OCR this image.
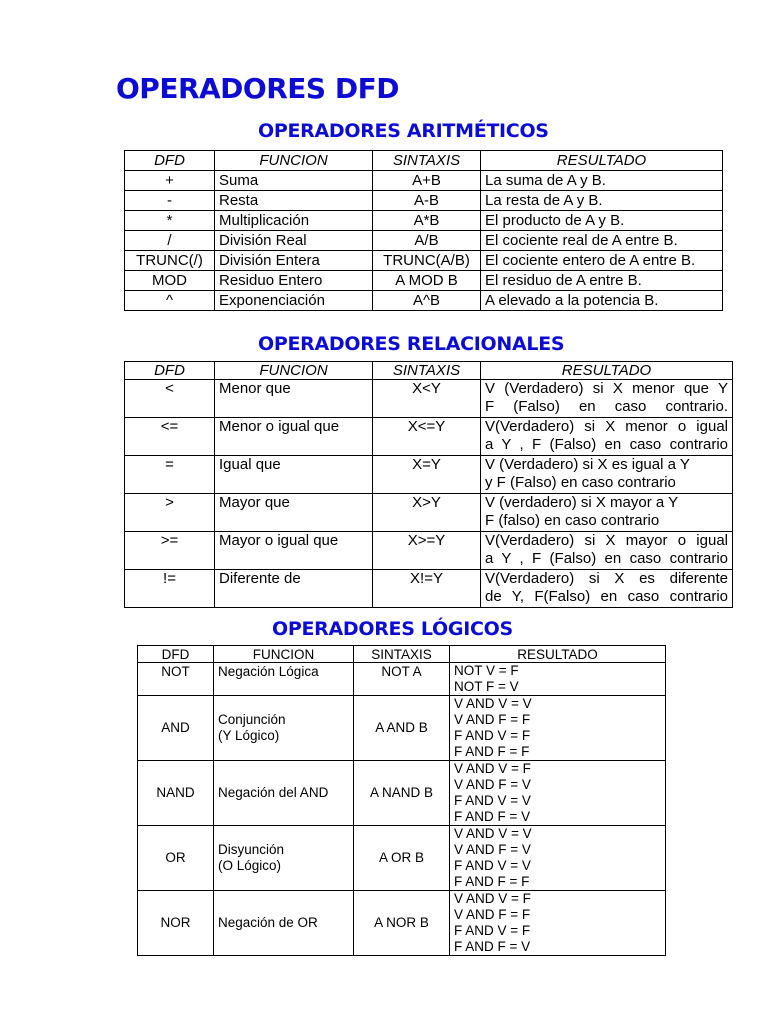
OPERADORES DFD
OPERADORES ARITMÉTICOS
DFD	FUNCION	SINTAXIS	RESULTADO
+	Suma	A+B	La suma de A y B.
-	Resta	A-B	La resta de A y B.
*	Multiplicación	A*B	El producto de A y B.
/	División Real	A/B	El cociente real de A entre B.
TRUNC(/)	División Entera	TRUNC(A/B)	El cociente entero de A entre B.
MOD	Residuo Entero	A MOD B	El residuo de A entre B.
^	Exponenciación	A^B	A elevado a la potencia B.
OPERADORES RELACIONALES
DFD	FUNCION	SINTAXIS	RESULTADO
<	Menor que	X<Y	V (Verdadero) si X menor que Y
F (Falso) en caso contrario.
<=	Menor o igual que	X<=Y	V(Verdadero) si X menor o igual
a Y , F (Falso) en caso contrario
=	Igual que	X=Y	V (Verdadero) si X es igual a Y
y F (Falso) en caso contrario
>	Mayor que	X>Y	V (verdadero) si X mayor a Y
F (falso) en caso contrario
>=	Mayor o igual que	X>=Y	V(Verdadero) si X mayor o igual
a Y , F (Falso) en caso contrario
!=	Diferente de	X!=Y	V(Verdadero) si X es diferente
de Y, F(Falso) en caso contrario
OPERADORES LÓGICOS
DFD	FUNCION	SINTAXIS	RESULTADO
NOT	Negación Lógica	NOT A	NOT V = F
NOT F = V
AND	Conjunción
(Y Lógico)	A AND B	V AND V = V
V AND F = F
F AND V = F
F AND F = F
NAND	Negación del AND	A NAND B	V AND V = F
V AND F = V
F AND V = V
F AND F = V
OR	Disyunción
(O Lógico)	A OR B	V AND V = V
V AND F = V
F AND V = V
F AND F = F
NOR	Negación de OR	A NOR B	V AND V = F
V AND F = F
F AND V = F
F AND F = V
